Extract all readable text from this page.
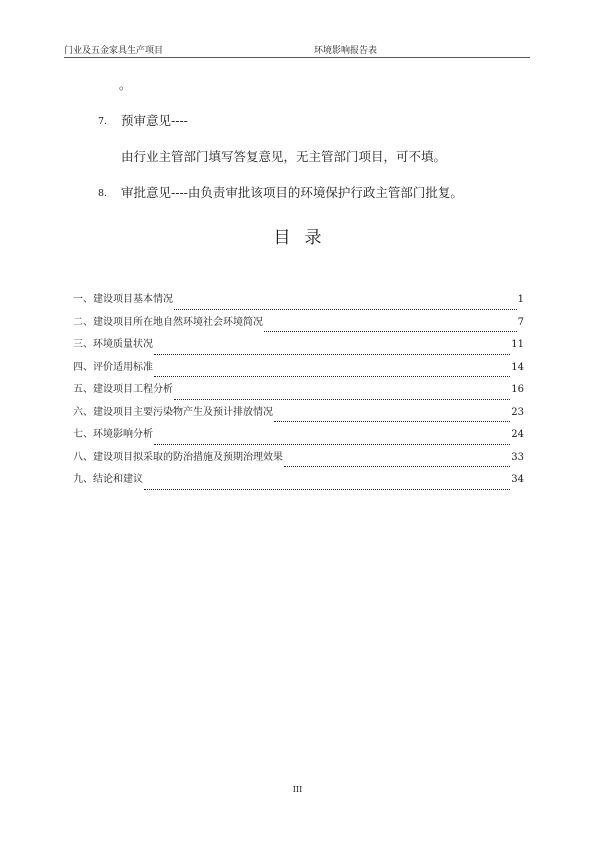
门业及五金家具生产项目	环境影响报告表
。
7. 预审意见----
由行业主管部门填写答复意见，无主管部门项目，可不填。
8. 审批意见----由负责审批该项目的环境保护行政主管部门批复。
目录
一、建设项目基本情况	1
二、建设项目所在地自然环境社会环境简况	7
三、环境质量状况	11
四、评价适用标准	14
五、建设项目工程分析	16
六、建设项目主要污染物产生及预计排放情况	23
七、环境影响分析	24
八、建设项目拟采取的防治措施及预期治理效果	33
九、结论和建议	34
III
